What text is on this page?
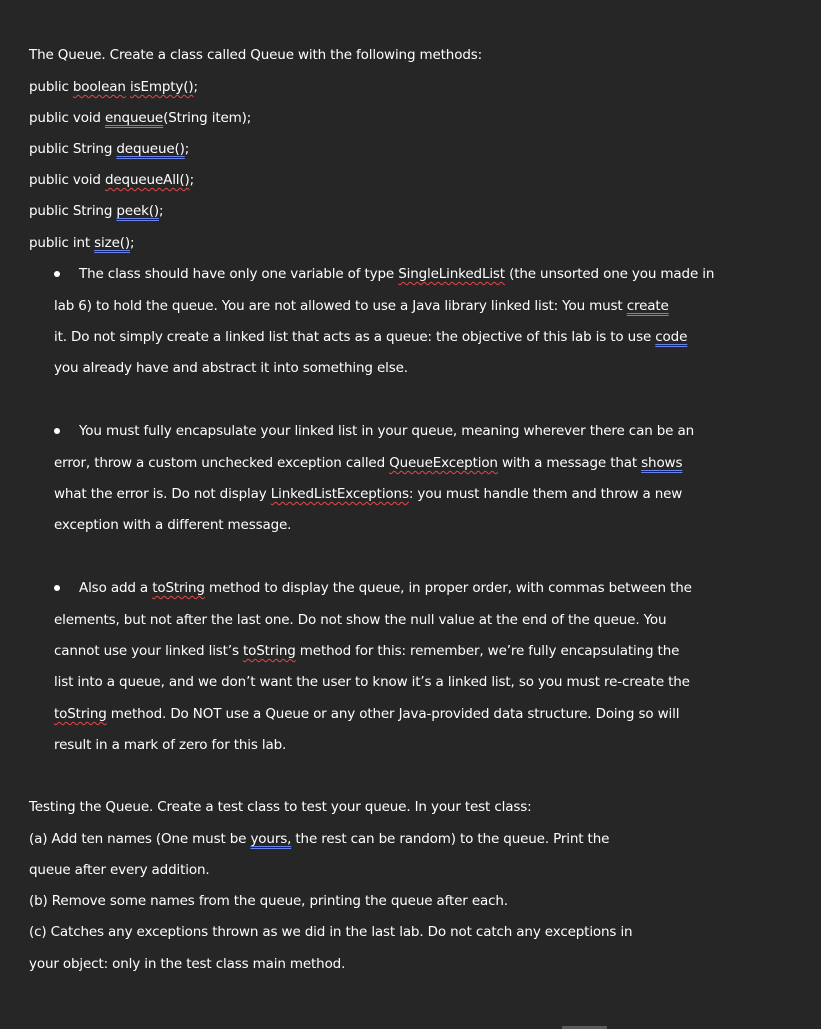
The Queue. Create a class called Queue with the following methods:
public boolean isEmpty();
public void enqueue(String item);
public String dequeue();
public void dequeueAll();
public String peek();
public int size();
The class should have only one variable of type SingleLinkedList (the unsorted one you made in
lab 6) to hold the queue. You are not allowed to use a Java library linked list: You must create
it. Do not simply create a linked list that acts as a queue: the objective of this lab is to use code
you already have and abstract it into something else.
You must fully encapsulate your linked list in your queue, meaning wherever there can be an
error, throw a custom unchecked exception called QueueException with a message that shows
what the error is. Do not display LinkedListExceptions: you must handle them and throw a new
exception with a different message.
Also add a toString method to display the queue, in proper order, with commas between the
elements, but not after the last one. Do not show the null value at the end of the queue. You
cannot use your linked list’s toString method for this: remember, we’re fully encapsulating the
list into a queue, and we don’t want the user to know it’s a linked list, so you must re-create the
toString method. Do NOT use a Queue or any other Java-provided data structure. Doing so will
result in a mark of zero for this lab.
Testing the Queue. Create a test class to test your queue. In your test class:
(a) Add ten names (One must be yours, the rest can be random) to the queue. Print the
queue after every addition.
(b) Remove some names from the queue, printing the queue after each.
(c) Catches any exceptions thrown as we did in the last lab. Do not catch any exceptions in
your object: only in the test class main method.
